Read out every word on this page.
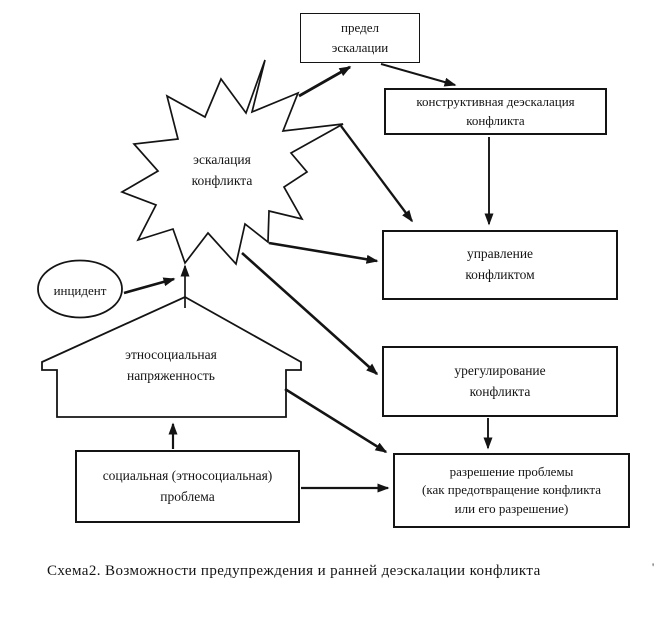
предел
эскалации
конструктивная деэскалация
конфликта
управление
конфликтом
урегулирование
конфликта
социальная (этносоциальная)
проблема
разрешение проблемы
(как предотвращение конфликта
или его разрешение)
эскалация
конфликта
инцидент
этносоциальная
напряженность
Схема2. Возможности предупреждения и ранней деэскалации конфликта	'
